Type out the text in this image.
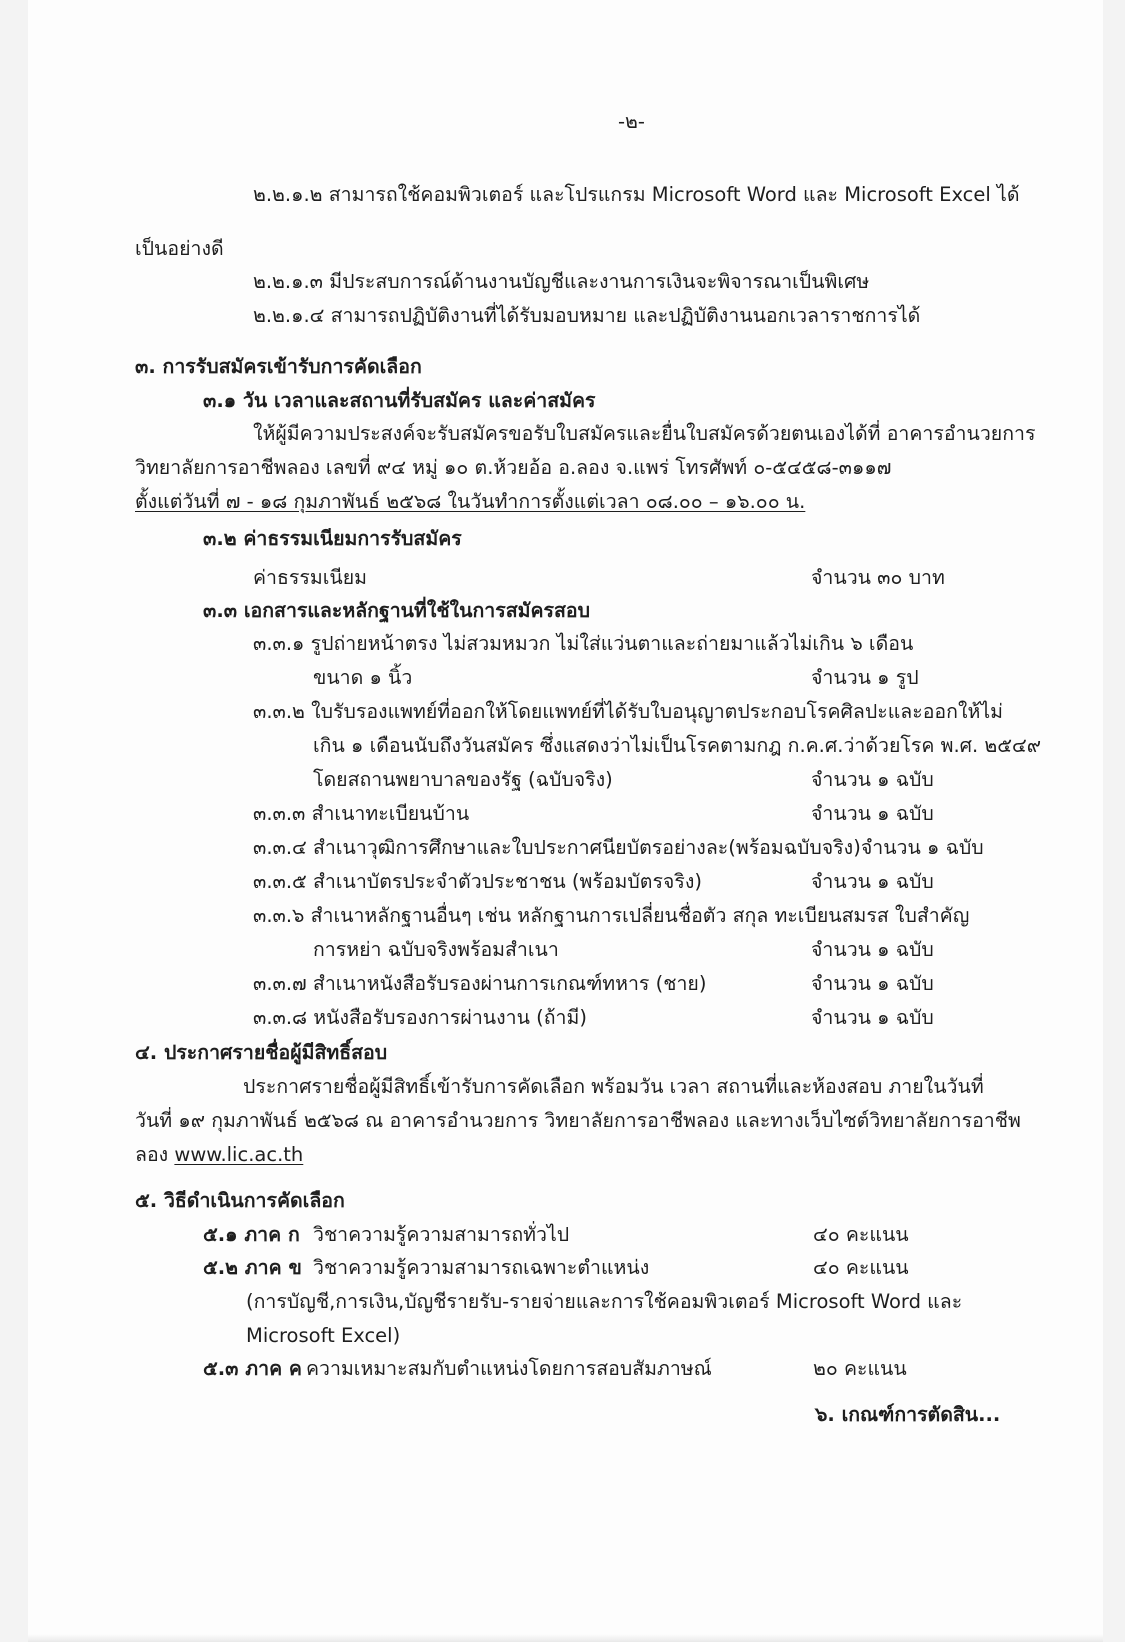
-๒-
๒.๒.๑.๒ สามารถใช้คอมพิวเตอร์ และโปรแกรม Microsoft Word และ Microsoft Excel ได้
เป็นอย่างดี
๒.๒.๑.๓ มีประสบการณ์ด้านงานบัญชีและงานการเงินจะพิจารณาเป็นพิเศษ
๒.๒.๑.๔ สามารถปฏิบัติงานที่ได้รับมอบหมาย และปฏิบัติงานนอกเวลาราชการได้
๓. การรับสมัครเข้ารับการคัดเลือก
๓.๑ วัน เวลาและสถานที่รับสมัคร และค่าสมัคร
ให้ผู้มีความประสงค์จะรับสมัครขอรับใบสมัครและยื่นใบสมัครด้วยตนเองได้ที่ อาคารอำนวยการ
วิทยาลัยการอาชีพลอง เลขที่ ๙๔ หมู่ ๑๐ ต.ห้วยอ้อ อ.ลอง จ.แพร่ โทรศัพท์ ๐-๕๔๕๘-๓๑๑๗
ตั้งแต่วันที่ ๗ - ๑๘ กุมภาพันธ์ ๒๕๖๘ ในวันทำการตั้งแต่เวลา ๐๘.๐๐ – ๑๖.๐๐ น.
๓.๒ ค่าธรรมเนียมการรับสมัคร
ค่าธรรมเนียม	จำนวน ๓๐ บาท
๓.๓ เอกสารและหลักฐานที่ใช้ในการสมัครสอบ
๓.๓.๑ รูปถ่ายหน้าตรง ไม่สวมหมวก ไม่ใส่แว่นตาและถ่ายมาแล้วไม่เกิน ๖ เดือน
ขนาด ๑ นิ้ว	จำนวน ๑ รูป
๓.๓.๒ ใบรับรองแพทย์ที่ออกให้โดยแพทย์ที่ได้รับใบอนุญาตประกอบโรคศิลปะและออกให้ไม่
เกิน ๑ เดือนนับถึงวันสมัคร ซึ่งแสดงว่าไม่เป็นโรคตามกฎ ก.ค.ศ.ว่าด้วยโรค พ.ศ. ๒๕๔๙
โดยสถานพยาบาลของรัฐ (ฉบับจริง)	จำนวน ๑ ฉบับ
๓.๓.๓ สำเนาทะเบียนบ้าน	จำนวน ๑ ฉบับ
๓.๓.๔ สำเนาวุฒิการศึกษาและใบประกาศนียบัตรอย่างละ(พร้อมฉบับจริง)จำนวน ๑ ฉบับ
๓.๓.๕ สำเนาบัตรประจำตัวประชาชน (พร้อมบัตรจริง)	จำนวน ๑ ฉบับ
๓.๓.๖ สำเนาหลักฐานอื่นๆ เช่น หลักฐานการเปลี่ยนชื่อตัว สกุล ทะเบียนสมรส ใบสำคัญ
การหย่า ฉบับจริงพร้อมสำเนา	จำนวน ๑ ฉบับ
๓.๓.๗ สำเนาหนังสือรับรองผ่านการเกณฑ์ทหาร (ชาย)	จำนวน ๑ ฉบับ
๓.๓.๘ หนังสือรับรองการผ่านงาน (ถ้ามี)	จำนวน ๑ ฉบับ
๔. ประกาศรายชื่อผู้มีสิทธิ์สอบ
ประกาศรายชื่อผู้มีสิทธิ์เข้ารับการคัดเลือก พร้อมวัน เวลา สถานที่และห้องสอบ ภายในวันที่
วันที่ ๑๙ กุมภาพันธ์ ๒๕๖๘ ณ อาคารอำนวยการ วิทยาลัยการอาชีพลอง และทางเว็บไซต์วิทยาลัยการอาชีพ
ลอง www.lic.ac.th
๕. วิธีดำเนินการคัดเลือก
๕.๑ ภาค ก วิชาความรู้ความสามารถทั่วไป	๔๐ คะแนน
๕.๒ ภาค ข วิชาความรู้ความสามารถเฉพาะตำแหน่ง	๔๐ คะแนน
(การบัญชี,การเงิน,บัญชีรายรับ-รายจ่ายและการใช้คอมพิวเตอร์ Microsoft Word และ
Microsoft Excel)
๕.๓ ภาค ค ความเหมาะสมกับตำแหน่งโดยการสอบสัมภาษณ์	๒๐ คะแนน
๖. เกณฑ์การตัดสิน...
